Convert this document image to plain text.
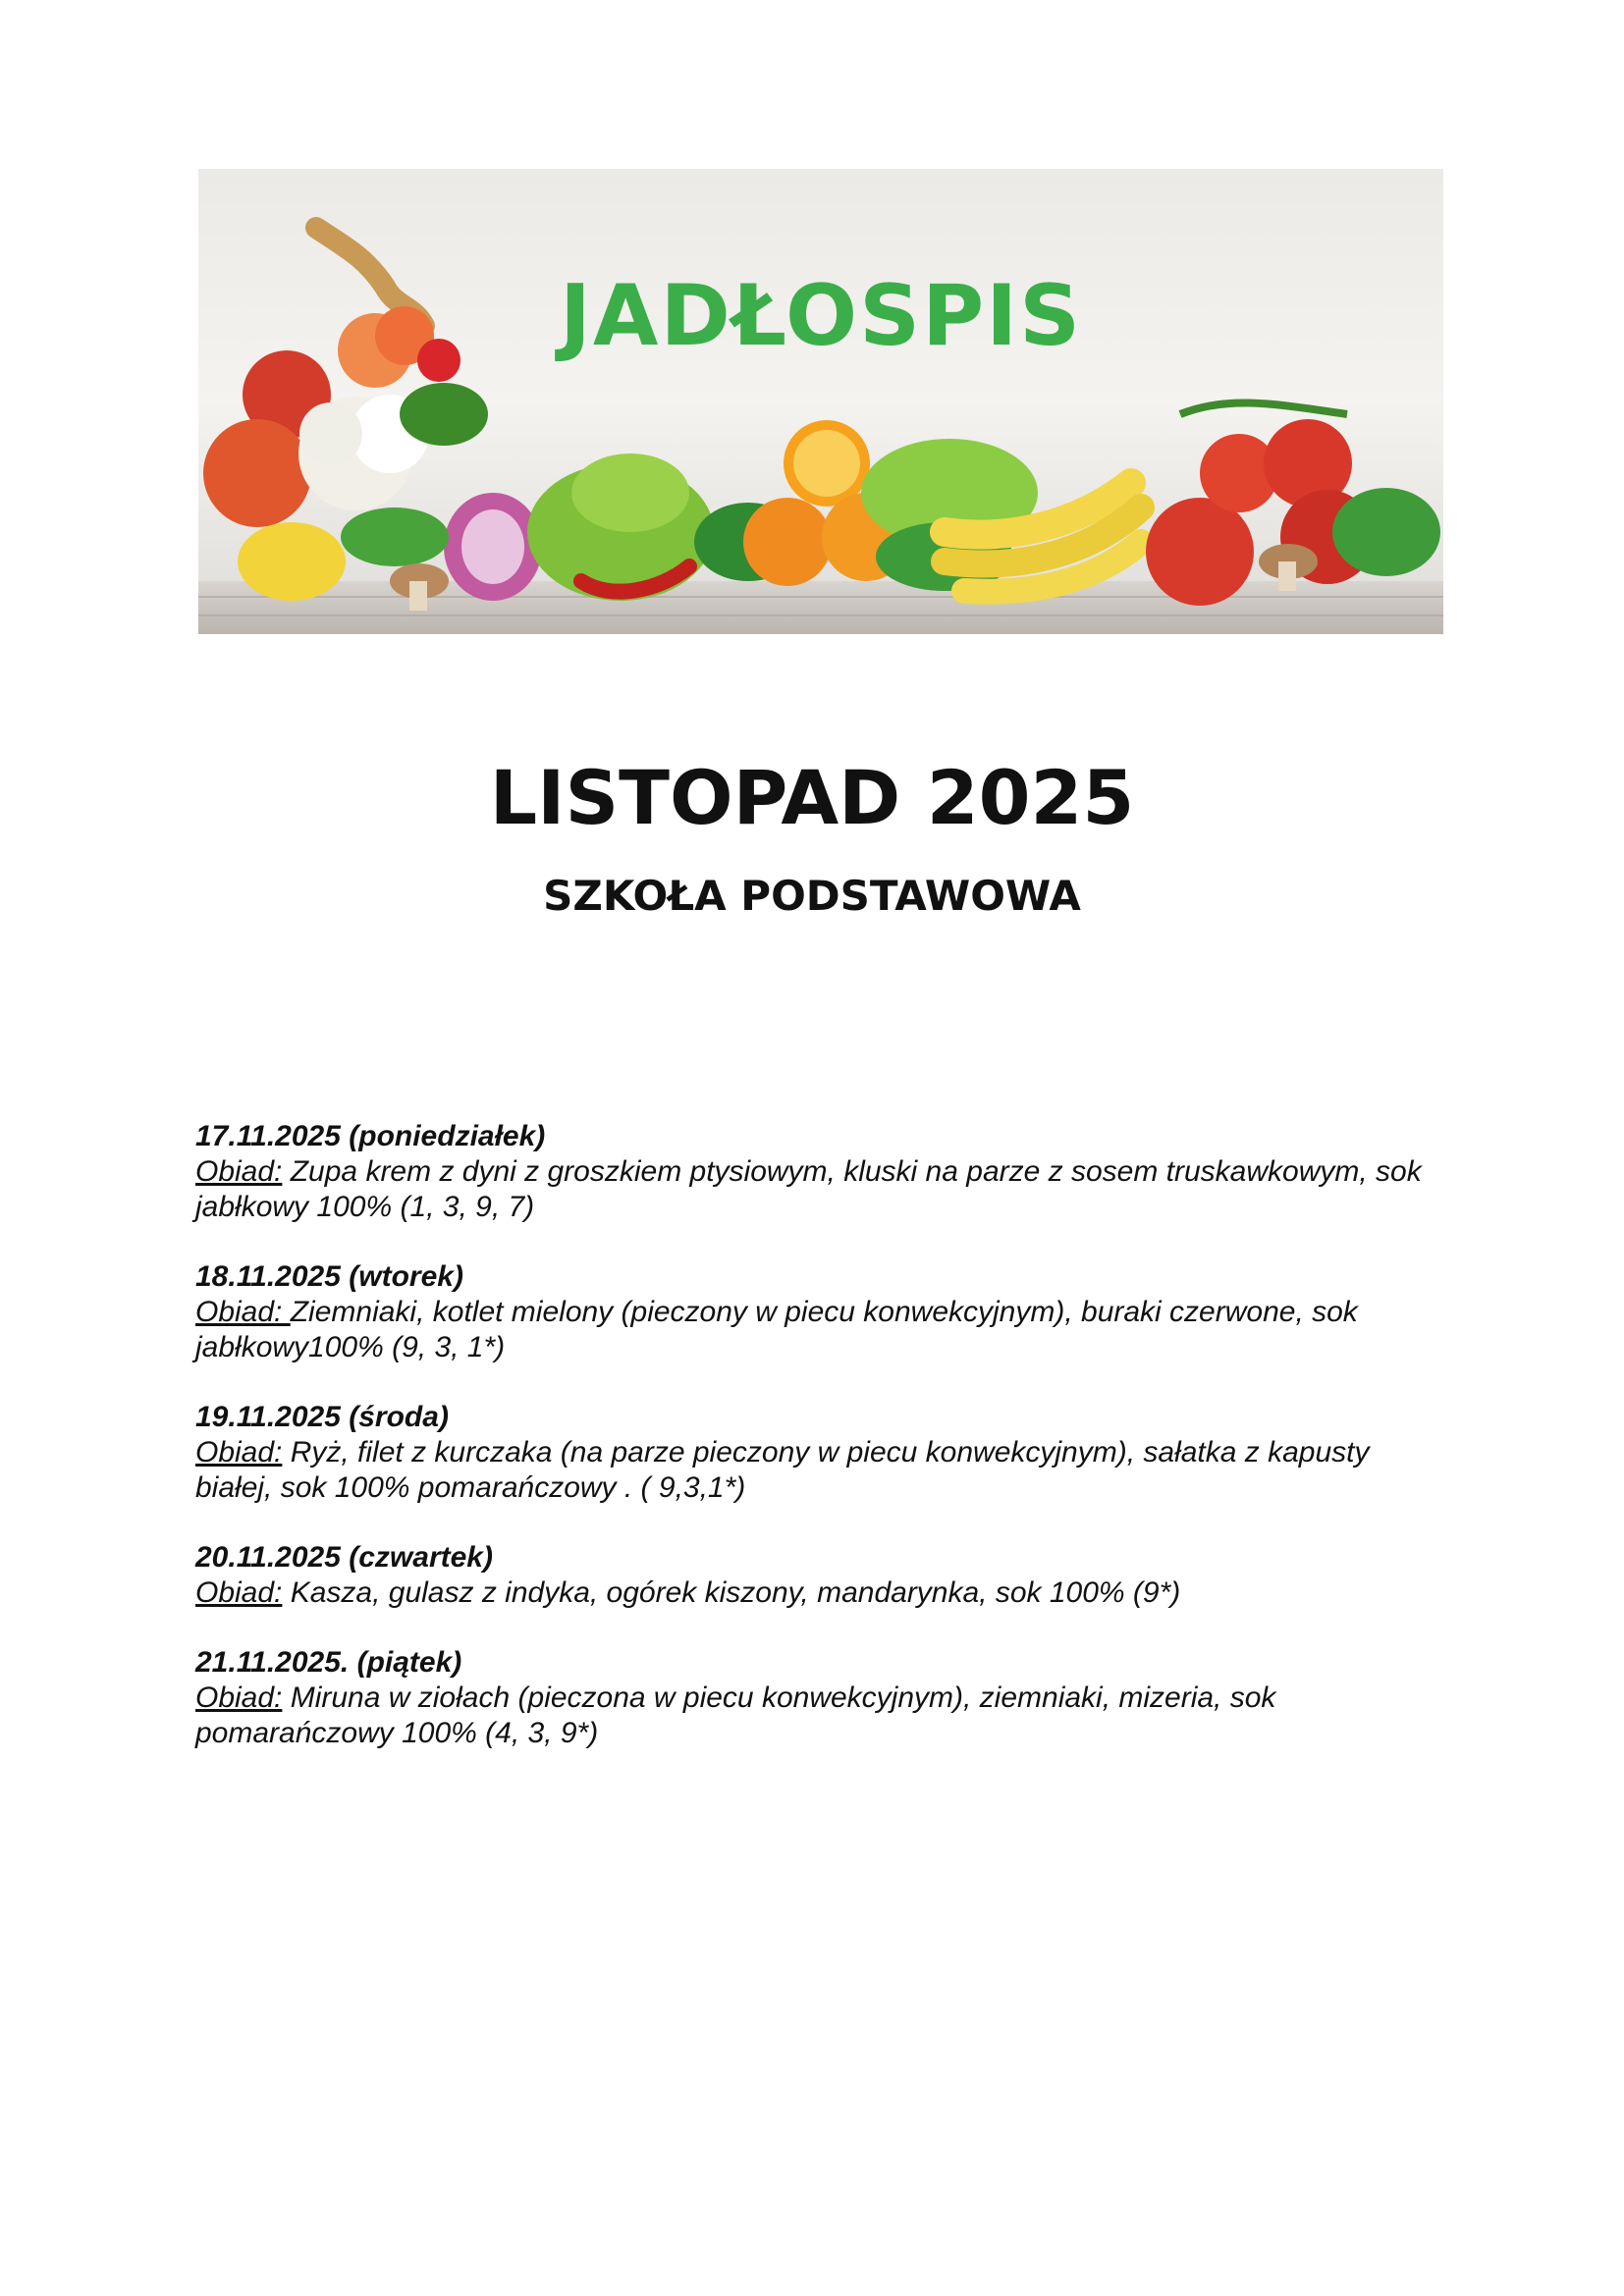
JADŁOSPIS
LISTOPAD 2025
SZKOŁA PODSTAWOWA
17.11.2025 (poniedziałek)
Obiad: Zupa krem z dyni z groszkiem ptysiowym, kluski na parze z sosem truskawkowym, sok jabłkowy 100% (1, 3, 9, 7)
18.11.2025 (wtorek)
Obiad: Ziemniaki, kotlet mielony (pieczony w piecu konwekcyjnym), buraki czerwone, sok jabłkowy100% (9, 3, 1*)
19.11.2025 (środa)
Obiad: Ryż, filet z kurczaka (na parze pieczony w piecu konwekcyjnym), sałatka z kapusty białej, sok 100% pomarańczowy . ( 9,3,1*)
20.11.2025 (czwartek)
Obiad: Kasza, gulasz z indyka, ogórek kiszony, mandarynka, sok 100% (9*)
21.11.2025. (piątek)
Obiad: Miruna w ziołach (pieczona w piecu konwekcyjnym), ziemniaki, mizeria, sok pomarańczowy 100% (4, 3, 9*)
